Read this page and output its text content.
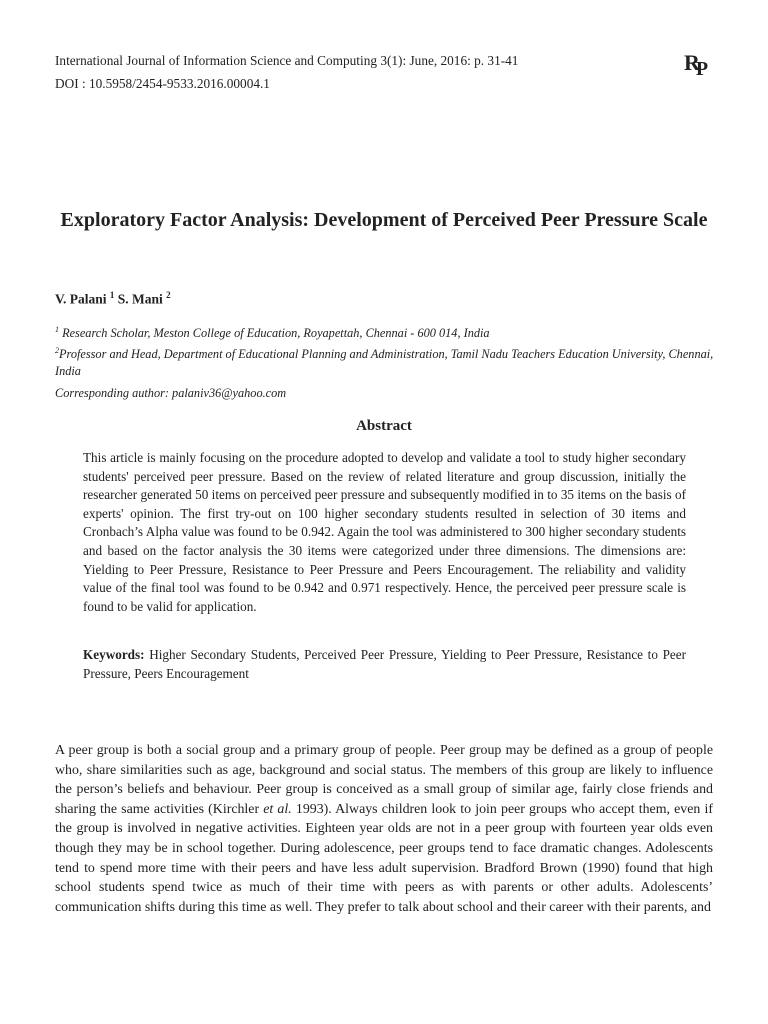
International Journal of Information Science and Computing 3(1): June, 2016: p. 31-41
DOI : 10.5958/2454-9533.2016.00004.1
RP
Exploratory Factor Analysis: Development of Perceived Peer Pressure Scale
V. Palani $^1$ S. Mani $^2$
$^1$ Research Scholar, Meston College of Education, Royapettah, Chennai - 600 014, India
$^2$Professor and Head, Department of Educational Planning and Administration, Tamil Nadu Teachers Education University, Chennai, India
Corresponding author: palaniv36@yahoo.com
Abstract

This article is mainly focusing on the procedure adopted to develop and validate a tool to study higher secondary students' perceived peer pressure. Based on the review of related literature and group discussion, initially the researcher generated 50 items on perceived peer pressure and subsequently modified in to 35 items on the basis of experts' opinion. The first try-out on 100 higher secondary students resulted in selection of 30 items and Cronbach’s Alpha value was found to be 0.942. Again the tool was administered to 300 higher secondary students and based on the factor analysis the 30 items were categorized under three dimensions. The dimensions are: Yielding to Peer Pressure, Resistance to Peer Pressure and Peers Encouragement. The reliability and validity value of the final tool was found to be 0.942 and 0.971 respectively. Hence, the perceived peer pressure scale is found to be valid for application.

Keywords: Higher Secondary Students, Perceived Peer Pressure, Yielding to Peer Pressure, Resistance to Peer Pressure, Peers Encouragement

A peer group is both a social group and a primary group of people. Peer group may be defined as a group of people who, share similarities such as age, background and social status. The members of this group are likely to influence the person’s beliefs and behaviour. Peer group is conceived as a small group of similar age, fairly close friends and sharing the same activities (Kirchler et al. 1993). Always children look to join peer groups who accept them, even if the group is involved in negative activities. Eighteen year olds are not in a peer group with fourteen year olds even though they may be in school together. During adolescence, peer groups tend to face dramatic changes. Adolescents tend to spend more time with their peers and have less adult supervision. Bradford Brown (1990) found that high school students spend twice as much of their time with peers as with parents or other adults. Adolescents’ communication shifts during this time as well. They prefer to talk about school and their career with their parents, and
